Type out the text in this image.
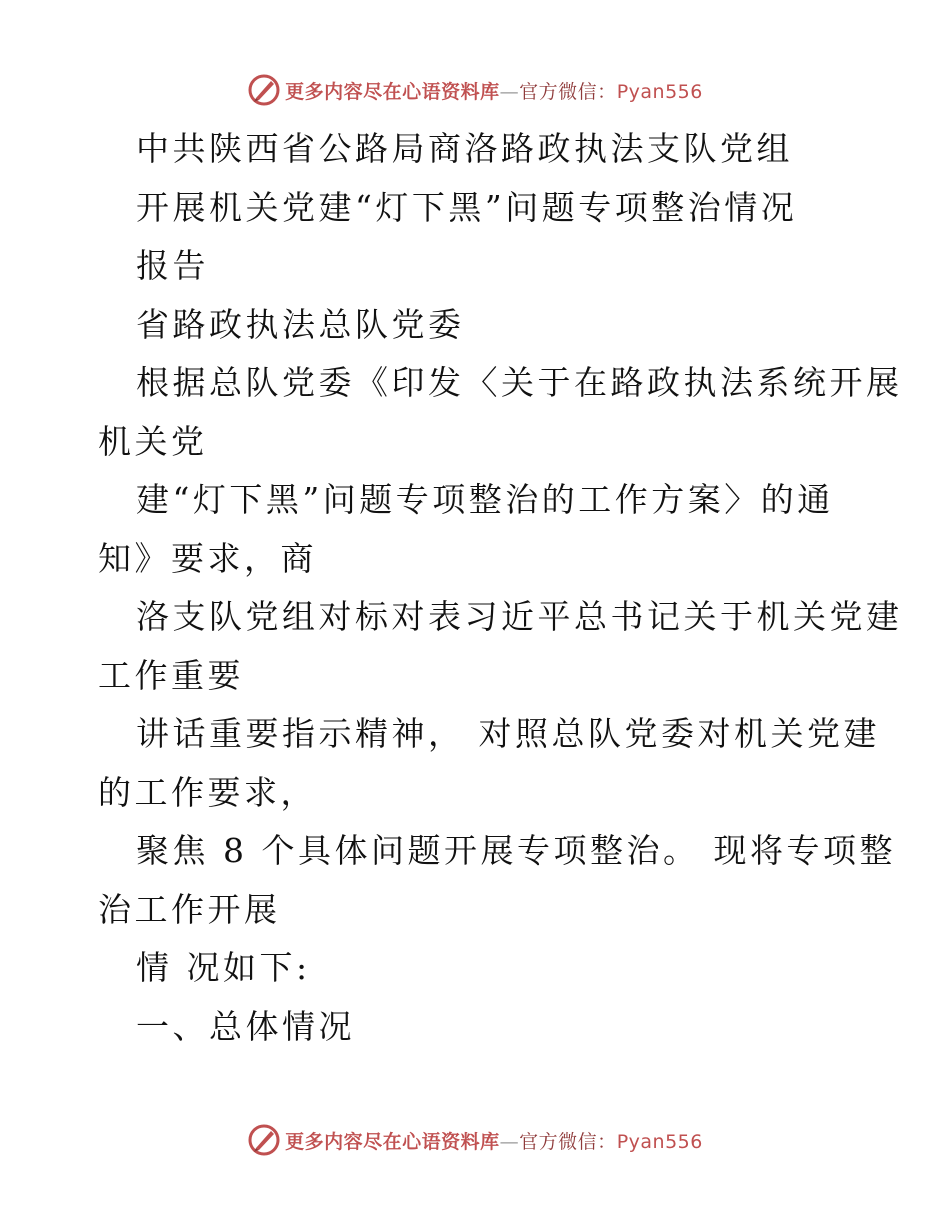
更多内容尽在心语资料库—官方微信：Pyan556
中共陕西省公路局商洛路政执法支队党组
开展机关党建“灯下黑”问题专项整治情况
报告
省路政执法总队党委
根据总队党委《印发〈关于在路政执法系统开展
机关党
建“灯下黑”问题专项整治的工作方案〉的通
知》要求，商
洛支队党组对标对表习近平总书记关于机关党建
工作重要
讲话重要指示精神， 对照总队党委对机关党建
的工作要求，
聚焦 8 个具体问题开展专项整治。 现将专项整
治工作开展
情 况如下:
一、总体情况
更多内容尽在心语资料库—官方微信：Pyan556
